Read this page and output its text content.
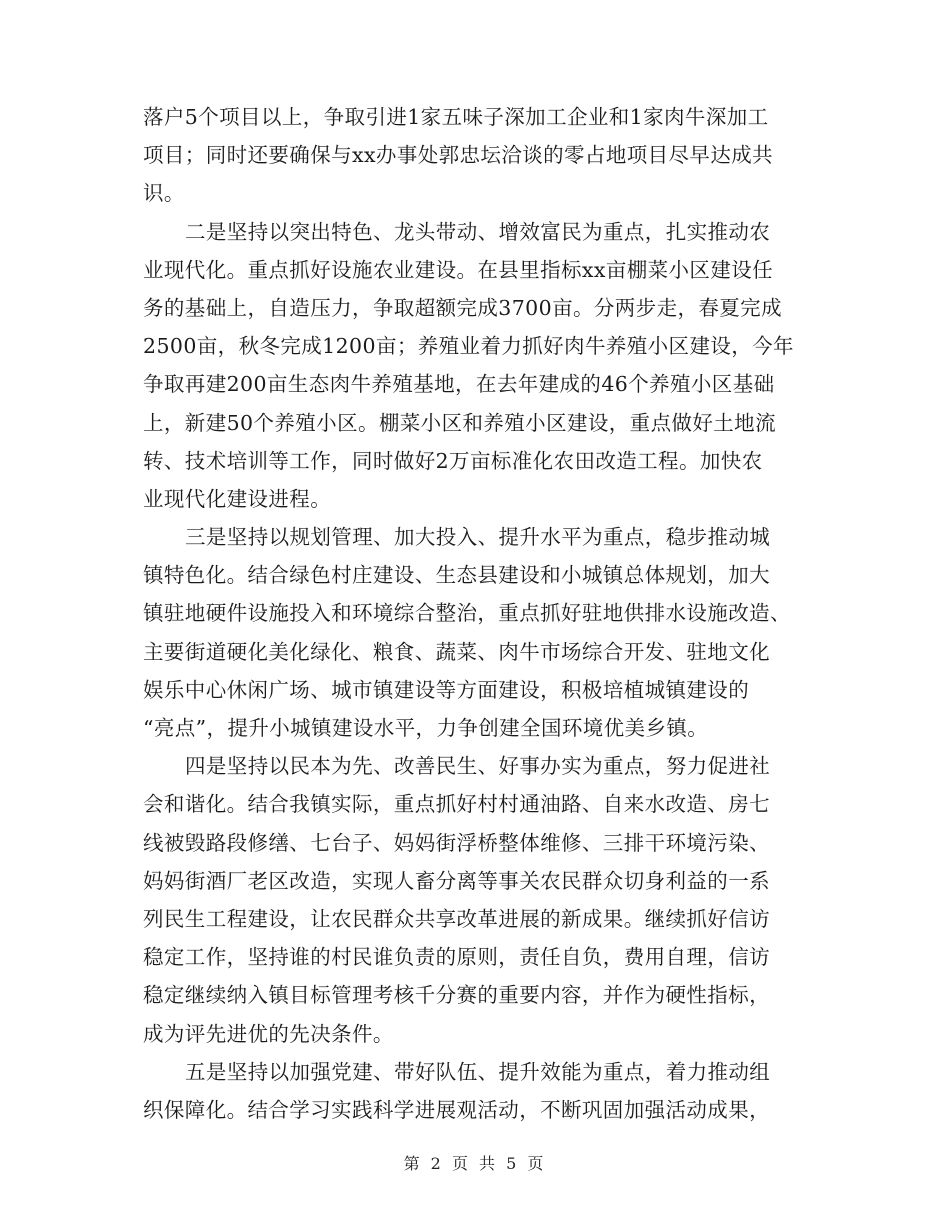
落户5个项目以上，争取引进1家五味子深加工企业和1家肉牛深加工
项目；同时还要确保与xx办事处郭忠坛洽谈的零占地项目尽早达成共
识。

二是坚持以突出特色、龙头带动、增效富民为重点，扎实推动农
业现代化。重点抓好设施农业建设。在县里指标xx亩棚菜小区建设任
务的基础上，自造压力，争取超额完成3700亩。分两步走，春夏完成
2500亩，秋冬完成1200亩；养殖业着力抓好肉牛养殖小区建设，今年
争取再建200亩生态肉牛养殖基地，在去年建成的46个养殖小区基础
上，新建50个养殖小区。棚菜小区和养殖小区建设，重点做好土地流
转、技术培训等工作，同时做好2万亩标准化农田改造工程。加快农
业现代化建设进程。

三是坚持以规划管理、加大投入、提升水平为重点，稳步推动城
镇特色化。结合绿色村庄建设、生态县建设和小城镇总体规划，加大
镇驻地硬件设施投入和环境综合整治，重点抓好驻地供排水设施改造、
主要街道硬化美化绿化、粮食、蔬菜、肉牛市场综合开发、驻地文化
娱乐中心休闲广场、城市镇建设等方面建设，积极培植城镇建设的
“亮点”，提升小城镇建设水平，力争创建全国环境优美乡镇。

四是坚持以民本为先、改善民生、好事办实为重点，努力促进社
会和谐化。结合我镇实际，重点抓好村村通油路、自来水改造、房七
线被毁路段修缮、七台子、妈妈街浮桥整体维修、三排干环境污染、
妈妈街酒厂老区改造，实现人畜分离等事关农民群众切身利益的一系
列民生工程建设，让农民群众共享改革进展的新成果。继续抓好信访
稳定工作，坚持谁的村民谁负责的原则，责任自负，费用自理，信访
稳定继续纳入镇目标管理考核千分赛的重要内容，并作为硬性指标，
成为评先进优的先决条件。

五是坚持以加强党建、带好队伍、提升效能为重点，着力推动组
织保障化。结合学习实践科学进展观活动，不断巩固加强活动成果，

第 2 页 共 5 页
